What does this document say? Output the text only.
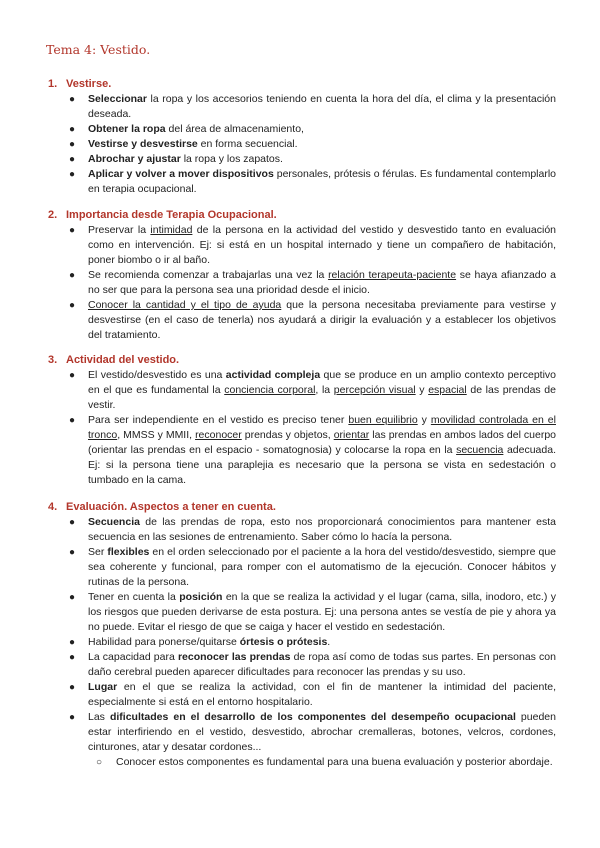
Tema 4: Vestido.
1. Vestirse.
● Seleccionar la ropa y los accesorios teniendo en cuenta la hora del día, el clima y la presentación deseada.
● Obtener la ropa del área de almacenamiento,
● Vestirse y desvestirse en forma secuencial.
● Abrochar y ajustar la ropa y los zapatos.
● Aplicar y volver a mover dispositivos personales, prótesis o férulas. Es fundamental contemplarlo en terapia ocupacional.
2. Importancia desde Terapia Ocupacional.
● Preservar la intimidad de la persona en la actividad del vestido y desvestido tanto en evaluación como en intervención. Ej: si está en un hospital internado y tiene un compañero de habitación, poner biombo o ir al baño.
● Se recomienda comenzar a trabajarlas una vez la relación terapeuta-paciente se haya afianzado a no ser que para la persona sea una prioridad desde el inicio.
● Conocer la cantidad y el tipo de ayuda que la persona necesitaba previamente para vestirse y desvestirse (en el caso de tenerla) nos ayudará a dirigir la evaluación y a establecer los objetivos del tratamiento.
3. Actividad del vestido.
● El vestido/desvestido es una actividad compleja que se produce en un amplio contexto perceptivo en el que es fundamental la conciencia corporal, la percepción visual y espacial de las prendas de vestir.
● Para ser independiente en el vestido es preciso tener buen equilibrio y movilidad controlada en el tronco, MMSS y MMII, reconocer prendas y objetos, orientar las prendas en ambos lados del cuerpo (orientar las prendas en el espacio - somatognosia) y colocarse la ropa en la secuencia adecuada. Ej: si la persona tiene una paraplejia es necesario que la persona se vista en sedestación o tumbado en la cama.
4. Evaluación. Aspectos a tener en cuenta.
● Secuencia de las prendas de ropa, esto nos proporcionará conocimientos para mantener esta secuencia en las sesiones de entrenamiento. Saber cómo lo hacía la persona.
● Ser flexibles en el orden seleccionado por el paciente a la hora del vestido/desvestido, siempre que sea coherente y funcional, para romper con el automatismo de la ejecución. Conocer hábitos y rutinas de la persona.
● Tener en cuenta la posición en la que se realiza la actividad y el lugar (cama, silla, inodoro, etc.) y los riesgos que pueden derivarse de esta postura. Ej: una persona antes se vestía de pie y ahora ya no puede. Evitar el riesgo de que se caiga y hacer el vestido en sedestación.
● Habilidad para ponerse/quitarse órtesis o prótesis.
● La capacidad para reconocer las prendas de ropa así como de todas sus partes. En personas con daño cerebral pueden aparecer dificultades para reconocer las prendas y su uso.
● Lugar en el que se realiza la actividad, con el fin de mantener la intimidad del paciente, especialmente si está en el entorno hospitalario.
● Las dificultades en el desarrollo de los componentes del desempeño ocupacional pueden estar interfiriendo en el vestido, desvestido, abrochar cremalleras, botones, velcros, cordones, cinturones, atar y desatar cordones...
○ Conocer estos componentes es fundamental para una buena evaluación y posterior abordaje.
